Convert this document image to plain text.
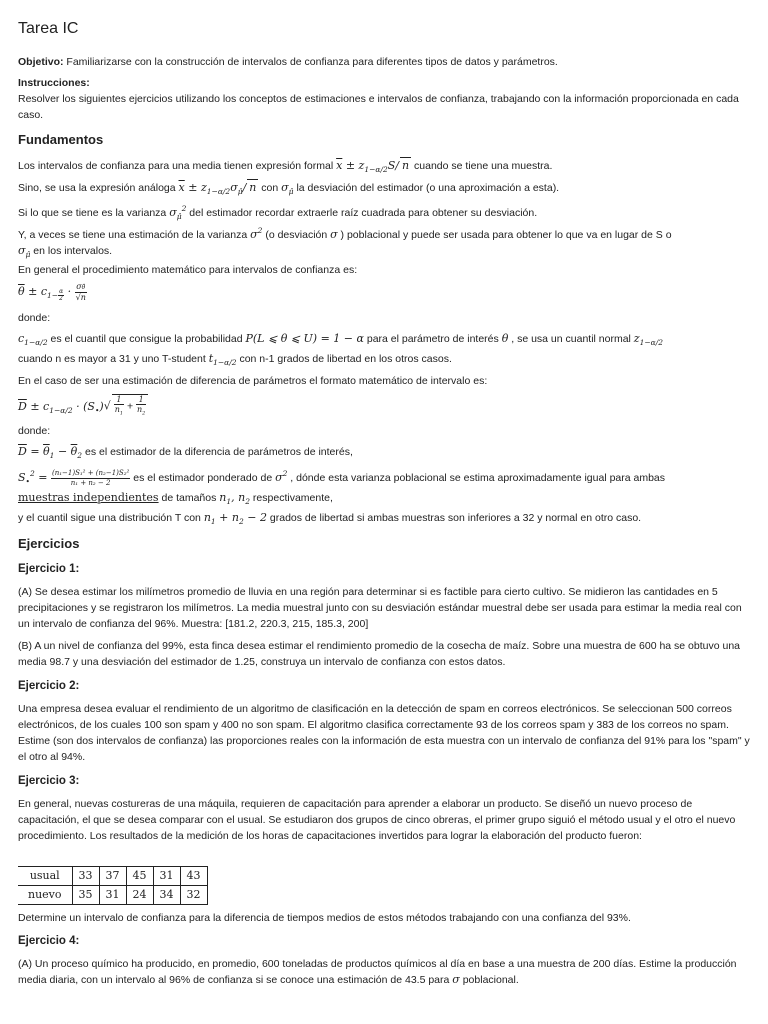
Tarea IC

Objetivo: Familiarizarse con la construcción de intervalos de confianza para diferentes tipos de datos y parámetros.

Instrucciones:
Resolver los siguientes ejercicios utilizando los conceptos de estimaciones e intervalos de confianza, trabajando con la información proporcionada en cada caso.

Fundamentos

Los intervalos de confianza para una media tienen expresión formal $\overline{x} \pm z_{1-\alpha/2}S/$ n cuando se tiene una muestra.

Sino, se usa la expresión análoga $\overline{x} \pm z_{1-\alpha/2}\sigma_{\mû}/$ n con $\sigma_{\mû}$ la desviación del estimador (o una aproximación a esta).

Si lo que se tiene es la varianza $\sigma_{\mû}^2$ del estimador recordar extraerle raíz cuadrada para obtener su desviación.

Y, a veces se tiene una estimación de la varianza $\sigma^2$ (o desviación σ ) poblacional y puede ser usada para obtener lo que va en lugar de S o
$\sigma_{\mû}$ en los intervalos.

En general el procedimiento matemático para intervalos de confianza es:

$\overline{\theta} \pm c_{1- \frac{\alpha}{2}} \cdot \frac{\sigma\thetâ}{√n}$

donde:

$c_{1-\alpha/2}$ es el cuantil que consigue la probabilidad P(L ⩽ θ ⩽ U) = 1 − α para el parámetro de interés θ , se usa un cuantil normal $z_{1-\alpha/2}$
cuando n es mayor a 31 y uno T-student $t_{1-\alpha/2}$ con n-1 grados de libertad en los otros casos.

En el caso de ser una estimación de diferencia de parámetros el formato matemático de intervalo es:

$\overline{D} \pm c_{1-\alpha/2} \cdot (S_•)√ \frac{1}{n_1} + \frac{1}{n_2}$

donde:

$\overline{D} = \overline{\theta}_1 - \overline{\theta}_2$ es el estimador de la diferencia de parámetros de interés,

$S_•^2 = \frac{\text{(n₁−1)S₁² + (n₂−1)S₂²}}{\text{n₁ + n₂ − 2}}$ es el estimador ponderado de $\sigma^2$ , dónde esta varianza poblacional se estima aproximadamente igual para ambas
muestras independientes de tamaños $n_1$, $n_2$ respectivamente,

y el cuantil sigue una distribución T con $n_1 + n_2 - 2$ grados de libertad si ambas muestras son inferiores a 32 y normal en otro caso.

Ejercicios
Ejercicio 1:

(A) Se desea estimar los milímetros promedio de lluvia en una región para determinar si es factible para cierto cultivo. Se midieron las cantidades en 5 precipitaciones y se registraron los milímetros. La media muestral junto con su desviación estándar muestral debe ser usada para estimar la media real con un intervalo de confianza del 96%. Muestra: [181.2, 220.3, 215, 185.3, 200]

(B) A un nivel de confianza del 99%, esta finca desea estimar el rendimiento promedio de la cosecha de maíz. Sobre una muestra de 600 ha se obtuvo una media 98.7 y una desviación del estimador de 1.25, construya un intervalo de confianza con estos datos.

Ejercicio 2:

Una empresa desea evaluar el rendimiento de un algoritmo de clasificación en la detección de spam en correos electrónicos. Se seleccionan 500 correos electrónicos, de los cuales 100 son spam y 400 no son spam. El algoritmo clasifica correctamente 93 de los correos spam y 383 de los correos no spam. Estime (son dos intervalos de confianza) las proporciones reales con la información de esta muestra con un intervalo de confianza del 91% para los "spam" y el otro al 94%.

Ejercicio 3:

En general, nuevas costureras de una máquila, requieren de capacitación para aprender a elaborar un producto. Se diseñó un nuevo proceso de capacitación, el que se desea comparar con el usual. Se estudiaron dos grupos de cinco obreras, el primer grupo siguió el método usual y el otro el nuevo procedimiento. Los resultados de la medición de los horas de capacitaciones invertidos para lograr la elaboración del producto fueron:

usual	33	37	45	31	43
nuevo	35	31	24	34	32

Determine un intervalo de confianza para la diferencia de tiempos medios de estos métodos trabajando con una confianza del 93%.

Ejercicio 4:

(A) Un proceso químico ha producido, en promedio, 600 toneladas de productos químicos al día en base a una muestra de 200 días. Estime la producción media diaria, con un intervalo al 96% de confianza si se conoce una estimación de 43.5 para σ poblacional.
